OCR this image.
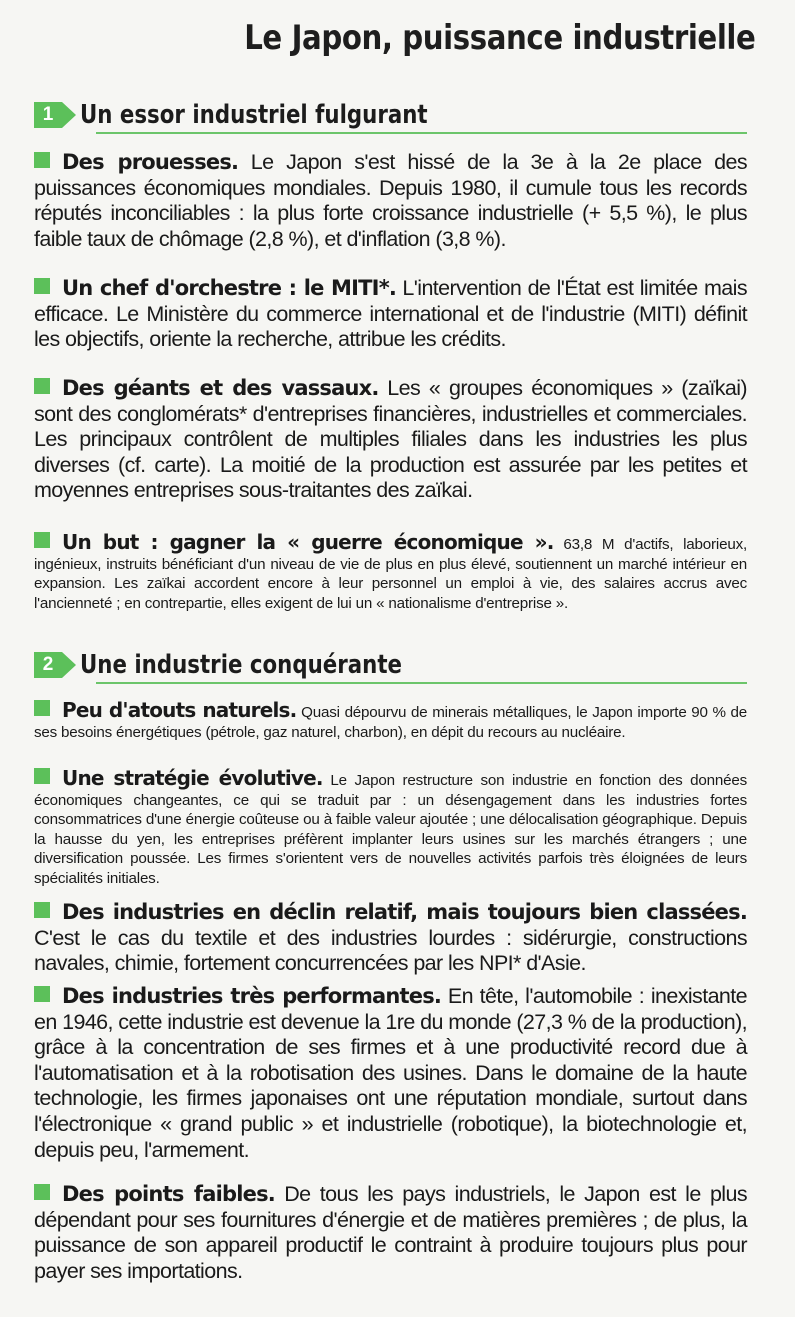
Le Japon, puissance industrielle
1	Un essor industriel fulgurant

Des prouesses. Le Japon s'est hissé de la 3e à la 2e place des puissances économiques mondiales. Depuis 1980, il cumule tous les records réputés inconciliables : la plus forte croissance industrielle (+ 5,5 %), le plus faible taux de chômage (2,8 %), et d'inflation (3,8 %).

Un chef d'orchestre : le MITI*. L'intervention de l'État est limitée mais efficace. Le Ministère du commerce international et de l'industrie (MITI) définit les objectifs, oriente la recherche, attribue les crédits.

Des géants et des vassaux. Les « groupes économiques » (zaïkai) sont des conglomérats* d'entreprises financières, industrielles et commerciales. Les principaux contrôlent de multiples filiales dans les industries les plus diverses (cf. carte). La moitié de la production est assurée par les petites et moyennes entreprises sous-traitantes des zaïkai.

Un but : gagner la « guerre économique ». 63,8 M d'actifs, laborieux, ingénieux, instruits bénéficiant d'un niveau de vie de plus en plus élevé, soutiennent un marché intérieur en expansion. Les zaïkai accordent encore à leur personnel un emploi à vie, des salaires accrus avec l'ancienneté ; en contrepartie, elles exigent de lui un « nationalisme d'entreprise ».

2	Une industrie conquérante

Peu d'atouts naturels. Quasi dépourvu de minerais métalliques, le Japon importe 90 % de ses besoins énergétiques (pétrole, gaz naturel, charbon), en dépit du recours au nucléaire.

Une stratégie évolutive. Le Japon restructure son industrie en fonction des données économiques changeantes, ce qui se traduit par : un désengagement dans les industries fortes consommatrices d'une énergie coûteuse ou à faible valeur ajoutée ; une délocalisation géographique. Depuis la hausse du yen, les entreprises préfèrent implanter leurs usines sur les marchés étrangers ; une diversification poussée. Les firmes s'orientent vers de nouvelles activités parfois très éloignées de leurs spécialités initiales.

Des industries en déclin relatif, mais toujours bien classées. C'est le cas du textile et des industries lourdes : sidérurgie, constructions navales, chimie, fortement concurrencées par les NPI* d'Asie.

Des industries très performantes. En tête, l'automobile : inexistante en 1946, cette industrie est devenue la 1re du monde (27,3 % de la production), grâce à la concentration de ses firmes et à une productivité record due à l'automatisation et à la robotisation des usines. Dans le domaine de la haute technologie, les firmes japonaises ont une réputation mondiale, surtout dans l'électronique « grand public » et industrielle (robotique), la biotechnologie et, depuis peu, l'armement.

Des points faibles. De tous les pays industriels, le Japon est le plus dépendant pour ses fournitures d'énergie et de matières premières ; de plus, la puissance de son appareil productif le contraint à produire toujours plus pour payer ses importations.
